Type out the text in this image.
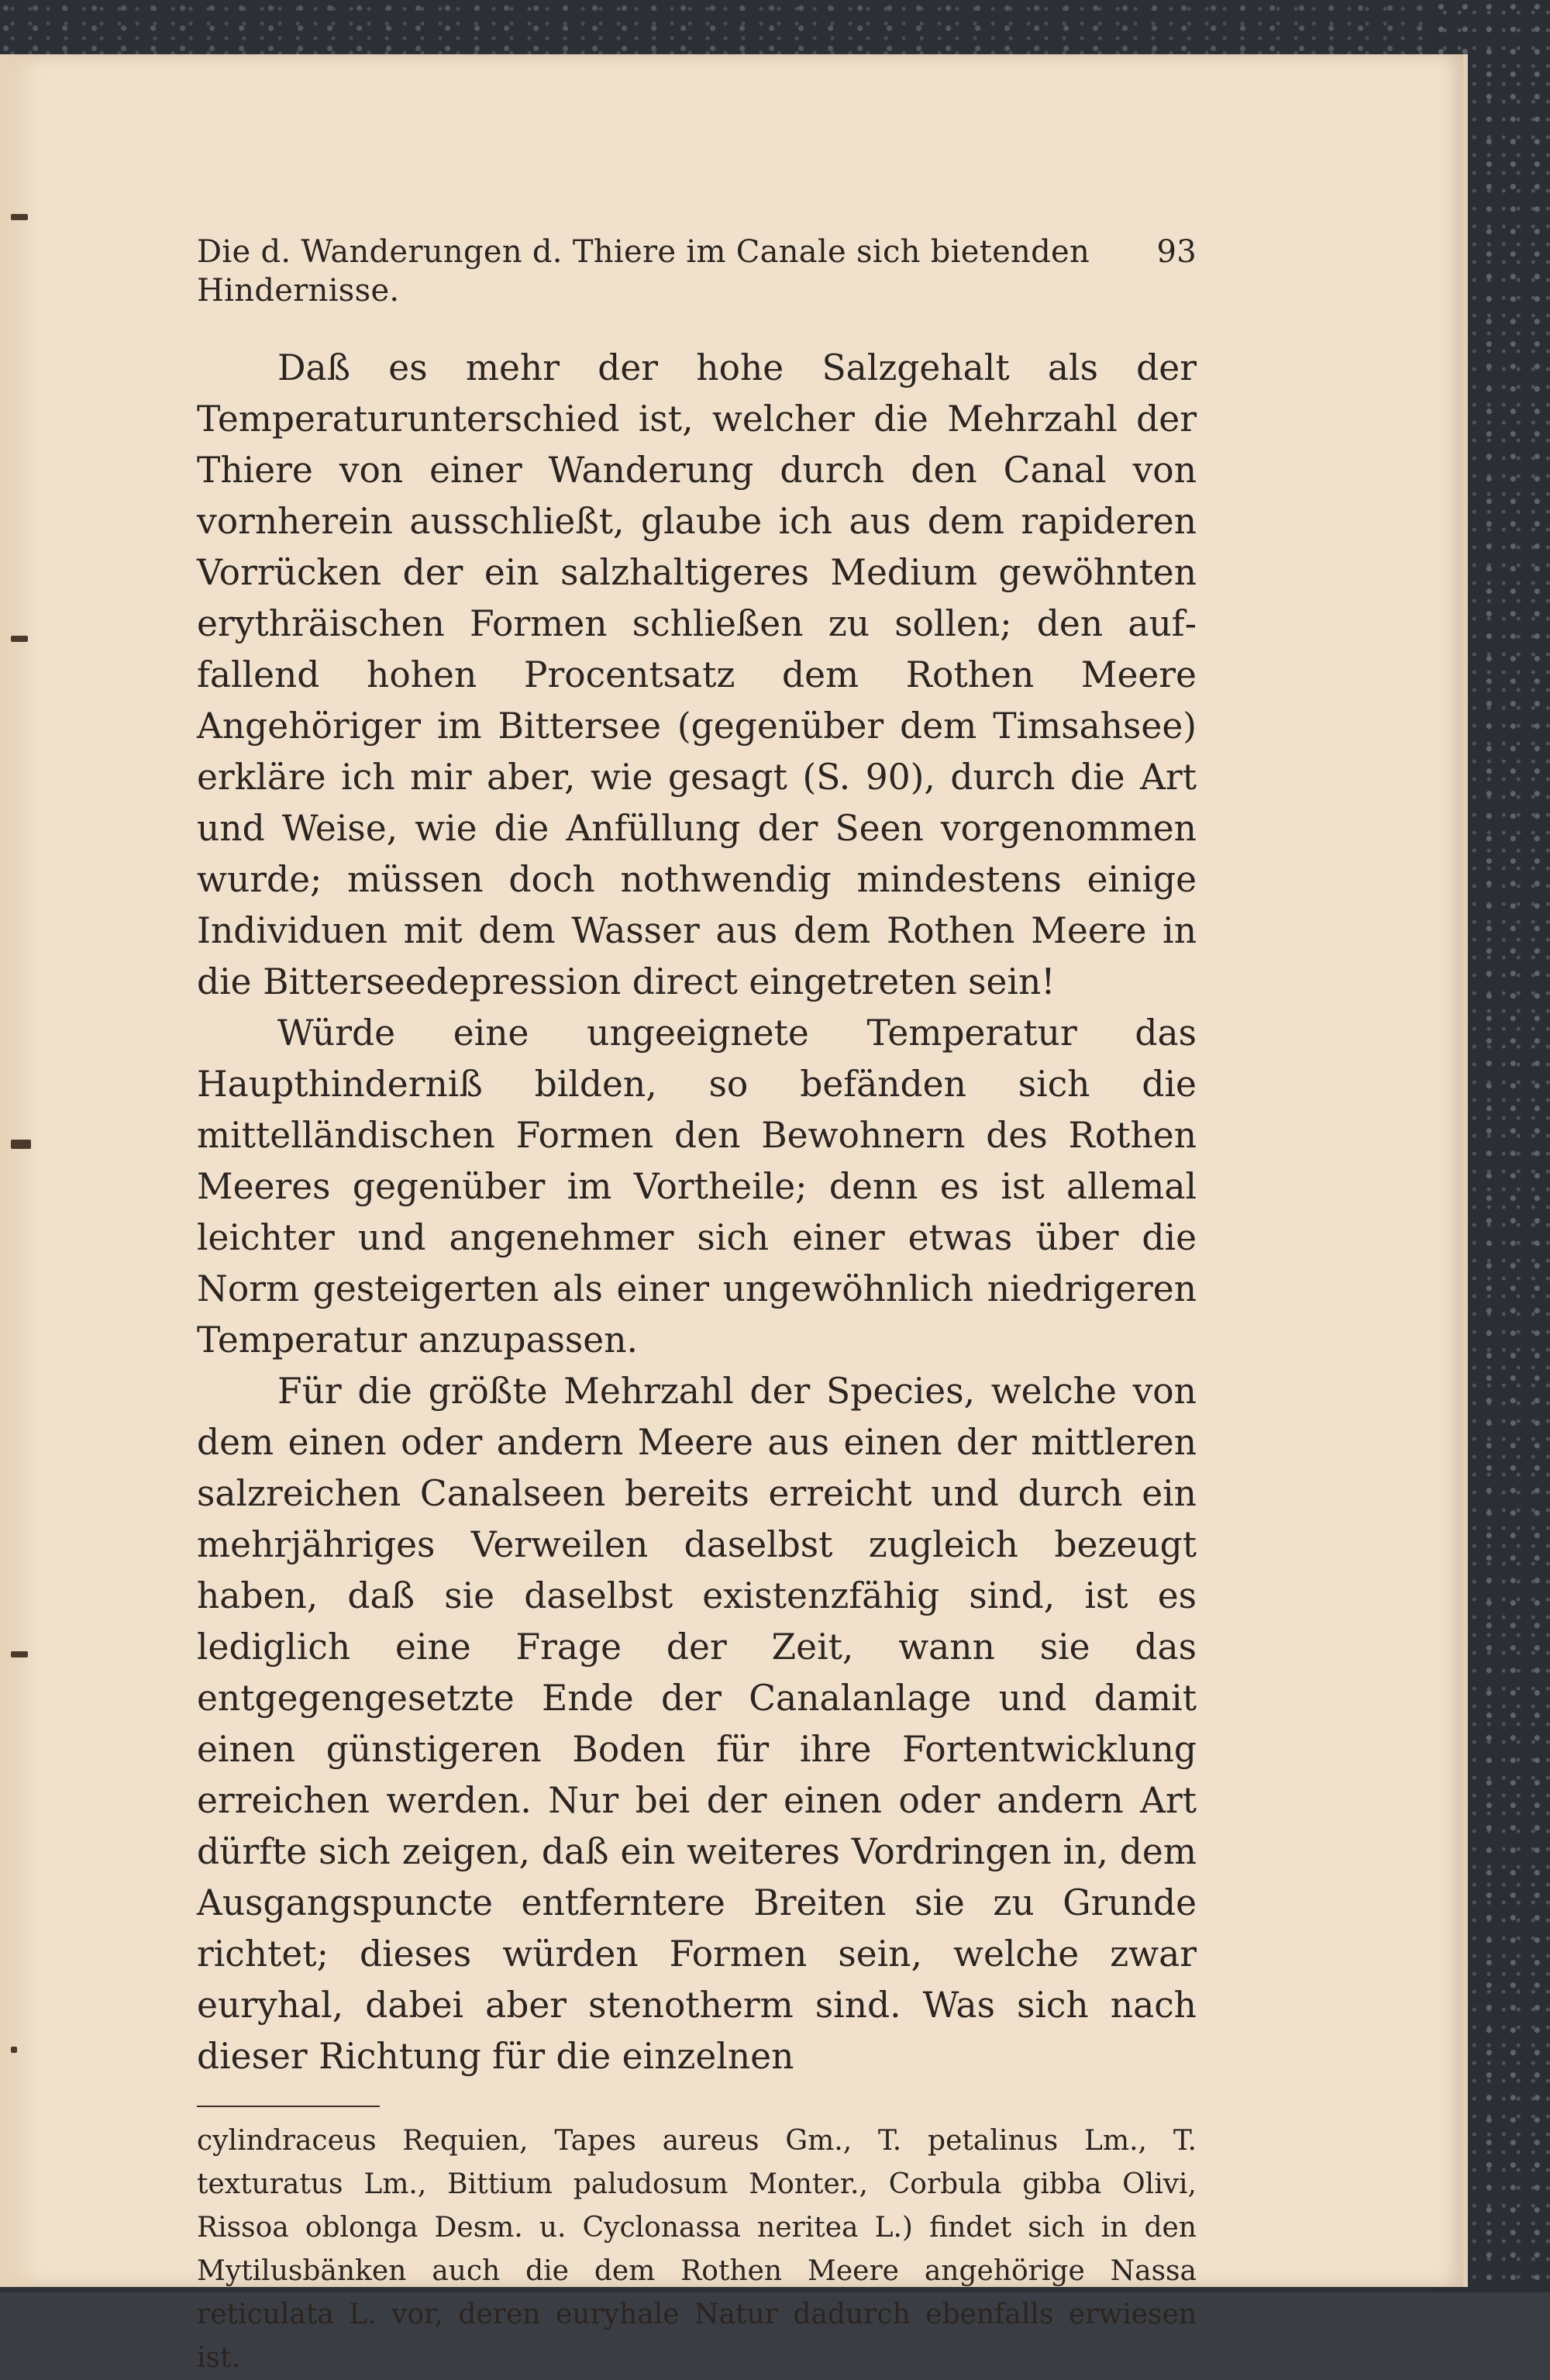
Die d. Wanderungen d. Thiere im Canale sich bietenden Hindernisse.
93

Daß es mehr der hohe Salzgehalt als der Temperaturunterschied ist, welcher die Mehrzahl der Thiere von einer Wanderung durch den Canal von vornherein ausschließt, glaube ich aus dem rapideren Vorrücken der ein salzhaltigeres Medium gewöhnten erythräischen Formen schließen zu sollen; den auffallend hohen Procentsatz dem Rothen Meere Angehöriger im Bittersee (gegenüber dem Timsahsee) erkläre ich mir aber, wie gesagt (S. 90), durch die Art und Weise, wie die Anfüllung der Seen vorgenommen wurde; müssen doch nothwendig mindestens einige Individuen mit dem Wasser aus dem Rothen Meere in die Bitterseedepression direct eingetreten sein!

Würde eine ungeeignete Temperatur das Haupthinderniß bilden, so befänden sich die mittelländischen Formen den Bewohnern des Rothen Meeres gegenüber im Vortheile; denn es ist allemal leichter und angenehmer sich einer etwas über die Norm gesteigerten als einer ungewöhnlich niedrigeren Temperatur anzupassen.

Für die größte Mehrzahl der Species, welche von dem einen oder andern Meere aus einen der mittleren salzreichen Canalseen bereits erreicht und durch ein mehrjähriges Verweilen daselbst zugleich bezeugt haben, daß sie daselbst existenzfähig sind, ist es lediglich eine Frage der Zeit, wann sie das entgegengesetzte Ende der Canalanlage und damit einen günstigeren Boden für ihre Fortentwicklung erreichen werden. Nur bei der einen oder andern Art dürfte sich zeigen, daß ein weiteres Vordringen in, dem Ausgangspuncte entferntere Breiten sie zu Grunde richtet; dieses würden Formen sein, welche zwar euryhal, dabei aber stenotherm sind. Was sich nach dieser Richtung für die einzelnen

cylindraceus Requien, Tapes aureus Gm., T. petalinus Lm., T. texturatus Lm., Bittium paludosum Monter., Corbula gibba Olivi, Rissoa oblonga Desm. u. Cyclonassa neritea L.) findet sich in den Mytilusbänken auch die dem Rothen Meere angehörige Nassa reticulata L. vor, deren euryhale Natur dadurch ebenfalls erwiesen ist.
